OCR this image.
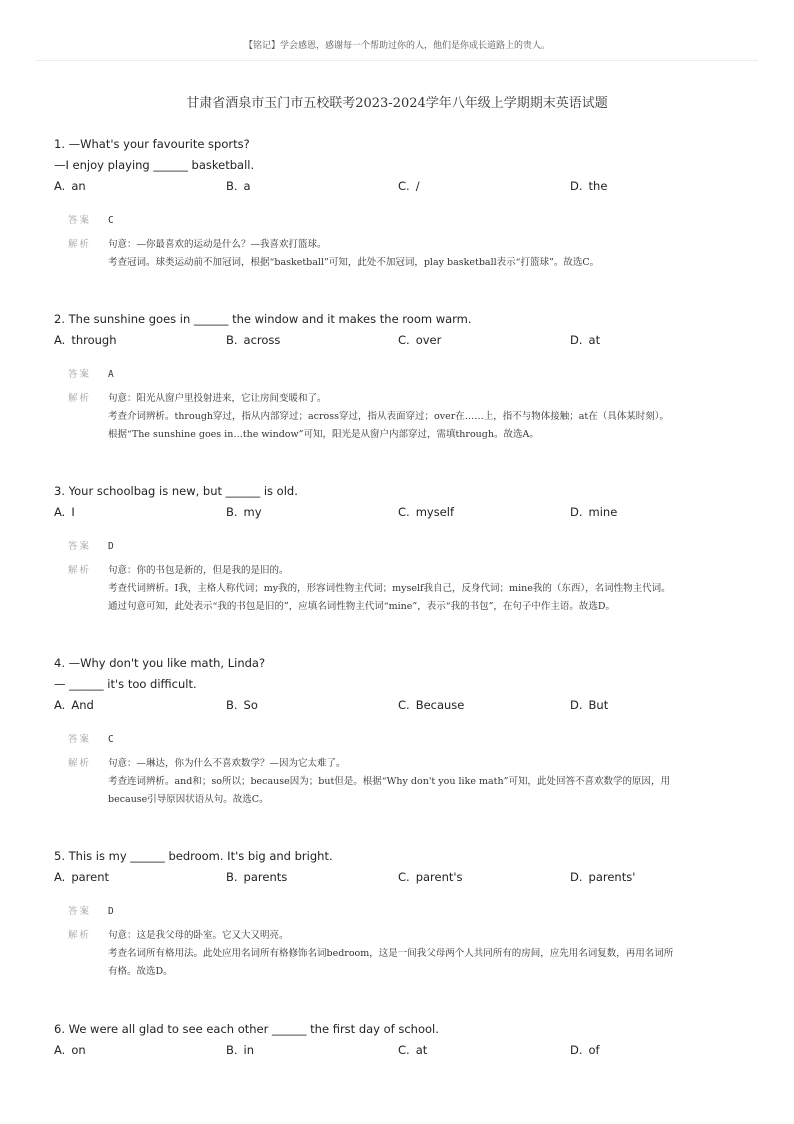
【铭记】学会感恩，感谢每一个帮助过你的人，他们是你成长道路上的贵人。
甘肃省酒泉市玉门市五校联考2023-2024学年八年级上学期期末英语试题

1. —What's your favourite sports?

—I enjoy playing ______ basketball.

A. an	B. a	C. /	D. the
答案	C
解析	句意：—你最喜欢的运动是什么？—我喜欢打篮球。

考查冠词。球类运动前不加冠词，根据“basketball”可知，此处不加冠词，play basketball表示“打篮球”。故选C。

2. The sunshine goes in ______ the window and it makes the room warm.

A. through	B. across	C. over	D. at
答案	A
解析	句意：阳光从窗户里投射进来，它让房间变暖和了。

考查介词辨析。through穿过，指从内部穿过；across穿过，指从表面穿过；over在……上，指不与物体接触；at在（具体某时刻）。

根据“The sunshine goes in…the window”可知，阳光是从窗户内部穿过，需填through。故选A。

3. Your schoolbag is new, but ______ is old.

A. I	B. my	C. myself	D. mine
答案	D
解析	句意：你的书包是新的，但是我的是旧的。

考查代词辨析。I我，主格人称代词；my我的，形容词性物主代词；myself我自己，反身代词；mine我的（东西），名词性物主代词。

通过句意可知，此处表示“我的书包是旧的”，应填名词性物主代词“mine”，表示“我的书包”，在句子中作主语。故选D。

4. —Why don't you like math, Linda?

— ______ it's too difficult.

A. And	B. So	C. Because	D. But
答案	C
解析	句意：—琳达，你为什么不喜欢数学？—因为它太难了。

考查连词辨析。and和；so所以；because因为；but但是。根据“Why don't you like math”可知，此处回答不喜欢数学的原因，用

because引导原因状语从句。故选C。

5. This is my ______ bedroom. It's big and bright.

A. parent	B. parents	C. parent's	D. parents'
答案	D
解析	句意：这是我父母的卧室。它又大又明亮。

考查名词所有格用法。此处应用名词所有格修饰名词bedroom，这是一间我父母两个人共同所有的房间，应先用名词复数，再用名词所

有格。故选D。

6. We were all glad to see each other ______ the first day of school.

A. on	B. in	C. at	D. of
